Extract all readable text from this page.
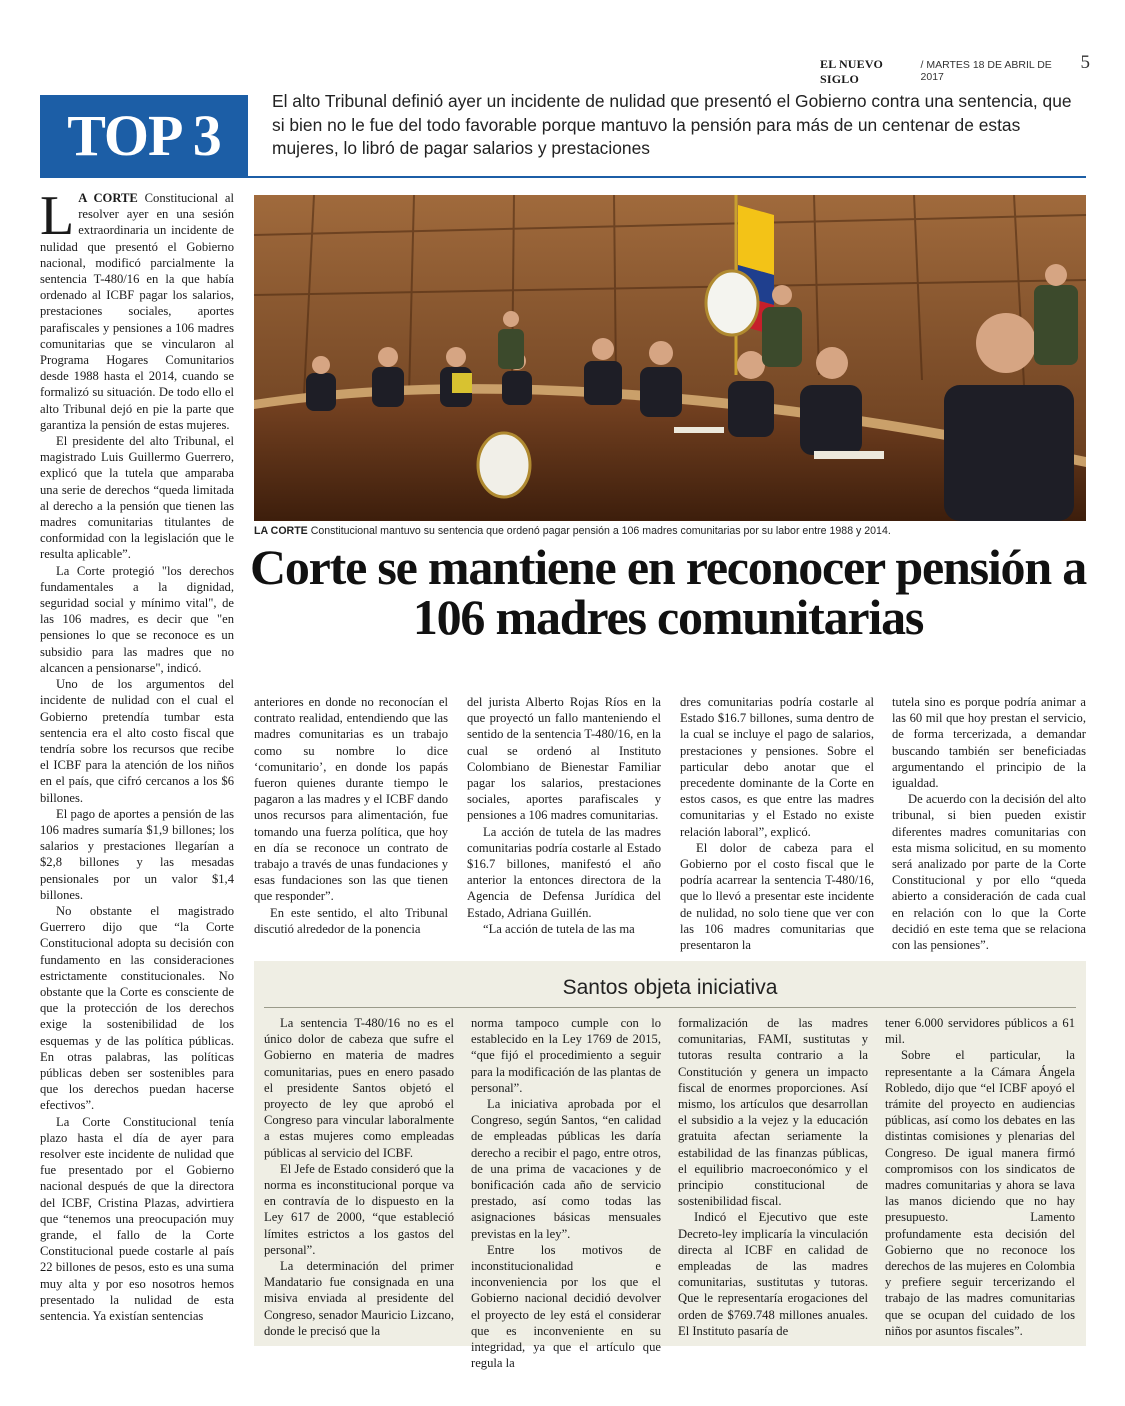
EL NUEVO SIGLO
/ MARTES 18 DE ABRIL DE 2017
5
TOP 3
El alto Tribunal definió ayer un incidente de nulidad que presentó el Gobierno contra una sentencia, que si bien no le fue del todo favorable porque mantuvo la pensión para más de un centenar de estas mujeres, lo libró de pagar salarios y prestaciones

L A CORTE Constitucional al resolver ayer en una sesión extraordinaria un incidente de nulidad que presentó el Gobierno nacional, modificó parcialmente la sentencia T-480/16 en la que había ordenado al ICBF pagar los salarios, prestaciones sociales, aportes parafiscales y pensiones a 106 madres comunitarias que se vincularon al Programa Hogares Comunitarios desde 1988 hasta el 2014, cuando se formalizó su situación. De todo ello el alto Tribunal dejó en pie la parte que garantiza la pensión de estas mujeres.

El presidente del alto Tribunal, el magistrado Luis Guillermo Guerrero, explicó que la tutela que amparaba una serie de derechos “queda limitada al derecho a la pensión que tienen las madres comunitarias titulantes de conformidad con la legislación que le resulta aplicable”.

La Corte protegió "los derechos fundamentales a la dignidad, seguridad social y mínimo vital", de las 106 madres, es decir que "en pensiones lo que se reconoce es un subsidio para las madres que no alcancen a pensionarse", indicó.

Uno de los argumentos del incidente de nulidad con el cual el Gobierno pretendía tumbar esta sentencia era el alto costo fiscal que tendría sobre los recursos que recibe el ICBF para la atención de los niños en el país, que cifró cercanos a los $6 billones.

El pago de aportes a pensión de las 106 madres sumaría $1,9 billones; los salarios y prestaciones llegarían a $2,8 billones y las mesadas pensionales por un valor $1,4 billones.

No obstante el magistrado Guerrero dijo que “la Corte Constitucional adopta su decisión con fundamento en las consideraciones estrictamente constitucionales. No obstante que la Corte es consciente de que la protección de los derechos exige la sostenibilidad de los esquemas y de las política públicas. En otras palabras, las políticas públicas deben ser sostenibles para que los derechos puedan hacerse efectivos”.

La Corte Constitucional tenía plazo hasta el día de ayer para resolver este incidente de nulidad que fue presentado por el Gobierno nacional después de que la directora del ICBF, Cristina Plazas, advirtiera que “tenemos una preocupación muy grande, el fallo de la Corte Constitucional puede costarle al país 22 billones de pesos, esto es una suma muy alta y por eso nosotros hemos presentado la nulidad de esta sentencia. Ya existían sentencias

LA CORTE Constitucional mantuvo su sentencia que ordenó pagar pensión a 106 madres comunitarias por su labor entre 1988 y 2014.
Corte se mantiene en reconocer pensión a 106 madres comunitarias

anteriores en donde no reconocían el contrato realidad, entendiendo que las madres comunitarias es un trabajo como su nombre lo dice ‘comunitario’, en donde los papás fueron quienes durante tiempo le pagaron a las madres y el ICBF dando unos recursos para alimentación, fue tomando una fuerza política, que hoy en día se reconoce un contrato de trabajo a través de unas fundaciones y esas fundaciones son las que tienen que responder”.

En este sentido, el alto Tribunal discutió alrededor de la ponencia

del jurista Alberto Rojas Ríos en la que proyectó un fallo manteniendo el sentido de la sentencia T-480/16, en la cual se ordenó al Instituto Colombiano de Bienestar Familiar pagar los salarios, prestaciones sociales, aportes parafiscales y pensiones a 106 madres comunitarias.

La acción de tutela de las madres comunitarias podría costarle al Estado $16.7 billones, manifestó el año anterior la entonces directora de la Agencia de Defensa Jurídica del Estado, Adriana Guillén.

“La acción de tutela de las ma

dres comunitarias podría costarle al Estado $16.7 billones, suma dentro de la cual se incluye el pago de salarios, prestaciones y pensiones. Sobre el particular debo anotar que el precedente dominante de la Corte en estos casos, es que entre las madres comunitarias y el Estado no existe relación laboral”, explicó.

El dolor de cabeza para el Gobierno por el costo fiscal que le podría acarrear la sentencia T-480/16, que lo llevó a presentar este incidente de nulidad, no solo tiene que ver con las 106 madres comunitarias que presentaron la

tutela sino es porque podría animar a las 60 mil que hoy prestan el servicio, de forma tercerizada, a demandar buscando también ser beneficiadas argumentando el principio de la igualdad.

De acuerdo con la decisión del alto tribunal, si bien pueden existir diferentes madres comunitarias con esta misma solicitud, en su momento será analizado por parte de la Corte Constitucional y por ello “queda abierto a consideración de cada cual en relación con lo que la Corte decidió en este tema que se relaciona con las pensiones”.

Santos objeta iniciativa

La sentencia T-480/16 no es el único dolor de cabeza que sufre el Gobierno en materia de madres comunitarias, pues en enero pasado el presidente Santos objetó el proyecto de ley que aprobó el Congreso para vincular laboralmente a estas mujeres como empleadas públicas al servicio del ICBF.

El Jefe de Estado consideró que la norma es inconstitucional porque va en contravía de lo dispuesto en la Ley 617 de 2000, “que estableció límites estrictos a los gastos del personal”.

La determinación del primer Mandatario fue consignada en una misiva enviada al presidente del Congreso, senador Mauricio Lizcano, donde le precisó que la

norma tampoco cumple con lo establecido en la Ley 1769 de 2015, “que fijó el procedimiento a seguir para la modificación de las plantas de personal”.

La iniciativa aprobada por el Congreso, según Santos, “en calidad de empleadas públicas les daría derecho a recibir el pago, entre otros, de una prima de vacaciones y de bonificación cada año de servicio prestado, así como todas las asignaciones básicas mensuales previstas en la ley”.

Entre los motivos de inconstitucionalidad e inconveniencia por los que el Gobierno nacional decidió devolver el proyecto de ley está el considerar que es inconveniente en su integridad, ya que el artículo que regula la

formalización de las madres comunitarias, FAMI, sustitutas y tutoras resulta contrario a la Constitución y genera un impacto fiscal de enormes proporciones. Así mismo, los artículos que desarrollan el subsidio a la vejez y la educación gratuita afectan seriamente la estabilidad de las finanzas públicas, el equilibrio macroeconómico y el principio constitucional de sostenibilidad fiscal.

Indicó el Ejecutivo que este Decreto-ley implicaría la vinculación directa al ICBF en calidad de empleadas de las madres comunitarias, sustitutas y tutoras. Que le representaría erogaciones del orden de $769.748 millones anuales. El Instituto pasaría de

tener 6.000 servidores públicos a 61 mil.

Sobre el particular, la representante a la Cámara Ángela Robledo, dijo que “el ICBF apoyó el trámite del proyecto en audiencias públicas, así como los debates en las distintas comisiones y plenarias del Congreso. De igual manera firmó compromisos con los sindicatos de madres comunitarias y ahora se lava las manos diciendo que no hay presupuesto. Lamento profundamente esta decisión del Gobierno que no reconoce los derechos de las mujeres en Colombia y prefiere seguir tercerizando el trabajo de las madres comunitarias que se ocupan del cuidado de los niños por asuntos fiscales”.
